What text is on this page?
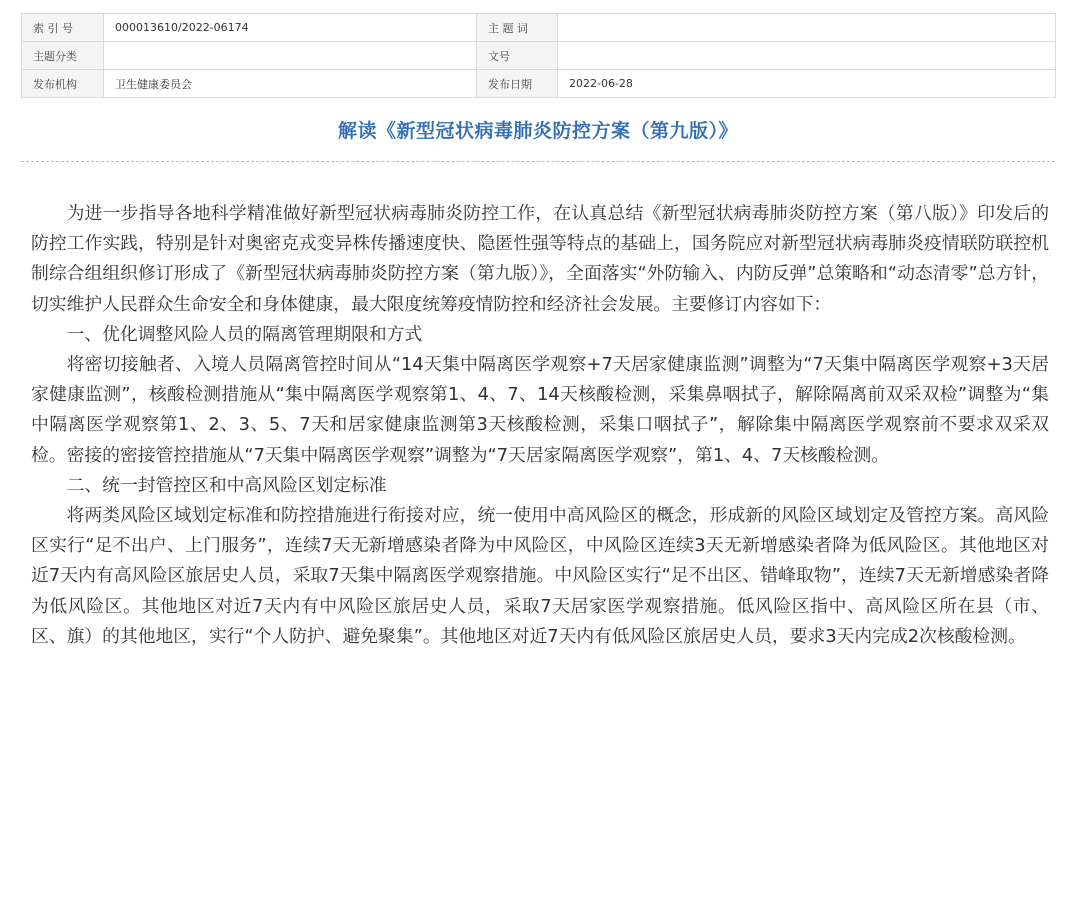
索 引 号	000013610/2022-06174	主 题 词	
主题分类		文号	
发布机构	卫生健康委员会	发布日期	2022-06-28
解读《新型冠状病毒肺炎防控方案（第九版）》

为进一步指导各地科学精准做好新型冠状病毒肺炎防控工作，在认真总结《新型冠状病毒肺炎防控方案（第八版）》印发后的防控工作实践，特别是针对奥密克戎变异株传播速度快、隐匿性强等特点的基础上，国务院应对新型冠状病毒肺炎疫情联防联控机制综合组组织修订形成了《新型冠状病毒肺炎防控方案（第九版）》，全面落实“外防输入、内防反弹”总策略和“动态清零”总方针，切实维护人民群众生命安全和身体健康，最大限度统筹疫情防控和经济社会发展。主要修订内容如下：

一、优化调整风险人员的隔离管理期限和方式

将密切接触者、入境人员隔离管控时间从“14天集中隔离医学观察+7天居家健康监测”调整为“7天集中隔离医学观察+3天居家健康监测”，核酸检测措施从“集中隔离医学观察第1、4、7、14天核酸检测，采集鼻咽拭子，解除隔离前双采双检”调整为“集中隔离医学观察第1、2、3、5、7天和居家健康监测第3天核酸检测，采集口咽拭子”，解除集中隔离医学观察前不要求双采双检。密接的密接管控措施从“7天集中隔离医学观察”调整为“7天居家隔离医学观察”，第1、4、7天核酸检测。

二、统一封管控区和中高风险区划定标准

将两类风险区域划定标准和防控措施进行衔接对应，统一使用中高风险区的概念，形成新的风险区域划定及管控方案。高风险区实行“足不出户、上门服务”，连续7天无新增感染者降为中风险区，中风险区连续3天无新增感染者降为低风险区。其他地区对近7天内有高风险区旅居史人员，采取7天集中隔离医学观察措施。中风险区实行“足不出区、错峰取物”，连续7天无新增感染者降为低风险区。其他地区对近7天内有中风险区旅居史人员，采取7天居家医学观察措施。低风险区指中、高风险区所在县（市、区、旗）的其他地区，实行“个人防护、避免聚集”。其他地区对近7天内有低风险区旅居史人员，要求3天内完成2次核酸检测。
